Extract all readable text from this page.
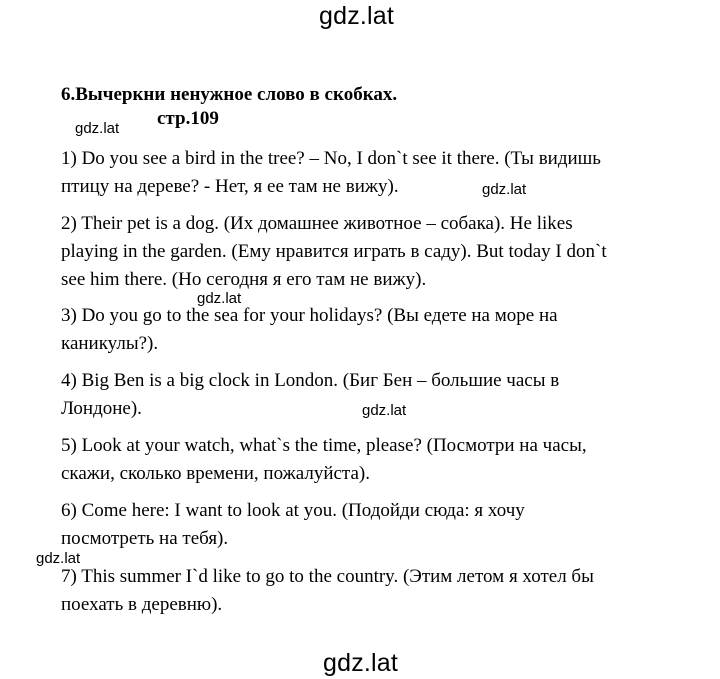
gdz.lat
gdz.lat
gdz.lat
gdz.lat
gdz.lat
gdz.lat
gdz.lat
6.Вычеркни ненужное слово в скобках.
стр.109
1) Do you see a bird in the tree? – No, I don`t see it there. (Ты видишь
птицу на дереве? - Нет, я ее там не вижу).
2) Their pet is a dog. (Их домашнее животное – собака). He likes
playing in the garden. (Ему нравится играть в саду). But today I don`t
see him there. (Но сегодня я его там не вижу).
3) Do you go to the sea for your holidays? (Вы едете на море на
каникулы?).
4) Big Ben is a big clock in London. (Биг Бен – большие часы в
Лондоне).
5) Look at your watch, what`s the time, please? (Посмотри на часы,
скажи, сколько времени, пожалуйста).
6) Come here: I want to look at you. (Подойди сюда: я хочу
посмотреть на тебя).
7) This summer I`d like to go to the country. (Этим летом я хотел бы
поехать в деревню).
